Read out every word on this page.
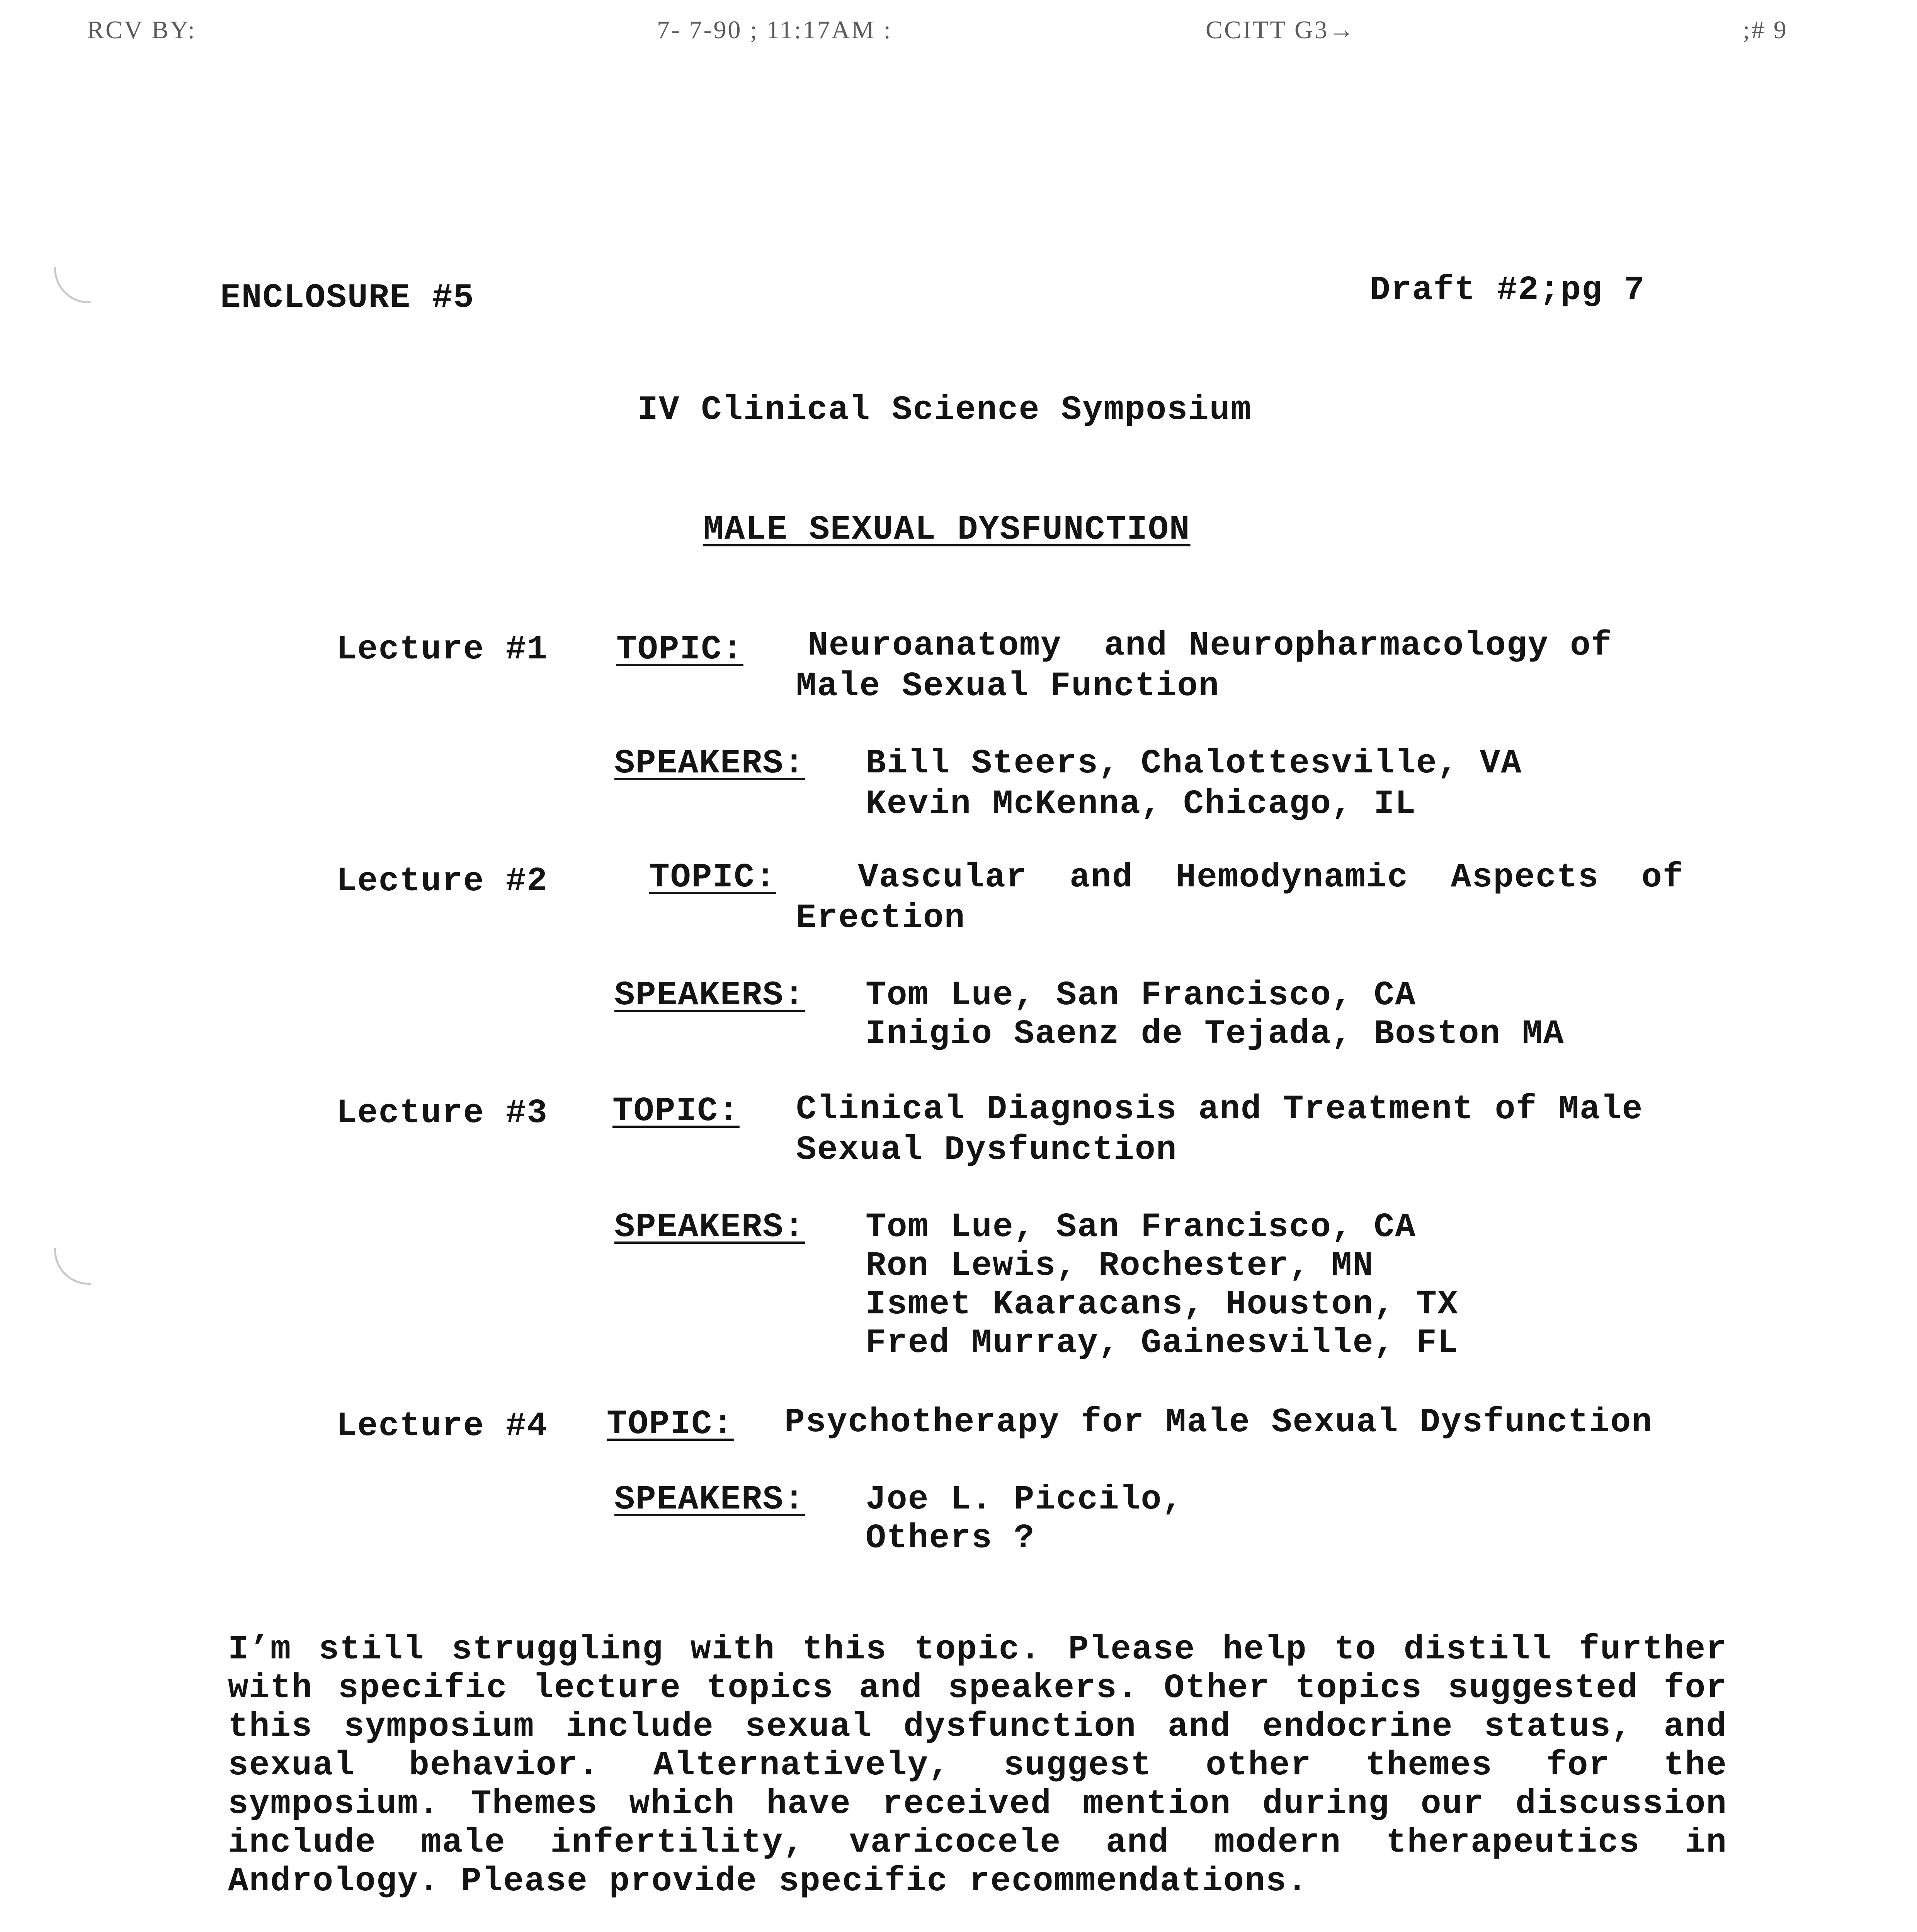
RCV BY:	7- 7-90 ; 11:17AM :	CCITT G3→	;# 9
ENCLOSURE #5	Draft #2;pg 7
IV Clinical Science Symposium
MALE SEXUAL DYSFUNCTION
Lecture #1 TOPIC: Neuroanatomy  and Neuropharmacology of
Male Sexual Function
SPEAKERS: Bill Steers, Chalottesville, VA
Kevin McKenna, Chicago, IL
Lecture #2	TOPIC: Vascular  and  Hemodynamic  Aspects  of
Erection
SPEAKERS: Tom Lue, San Francisco, CA
Inigio Saenz de Tejada, Boston MA
Lecture #3 TOPIC: Clinical Diagnosis and Treatment of Male
Sexual Dysfunction
SPEAKERS: Tom Lue, San Francisco, CA
Ron Lewis, Rochester, MN
Ismet Kaaracans, Houston, TX
Fred Murray, Gainesville, FL
Lecture #4 TOPIC: Psychotherapy for Male Sexual Dysfunction
SPEAKERS: Joe L. Piccilo,
Others ?
I’m still struggling with this topic. Please help to distill further with specific lecture topics and speakers. Other topics suggested for this symposium include sexual dysfunction and endocrine status, and sexual behavior. Alternatively, suggest other themes for the symposium. Themes which have received mention during our discussion include male infertility, varicocele and modern therapeutics in Andrology. Please provide specific recommendations.
